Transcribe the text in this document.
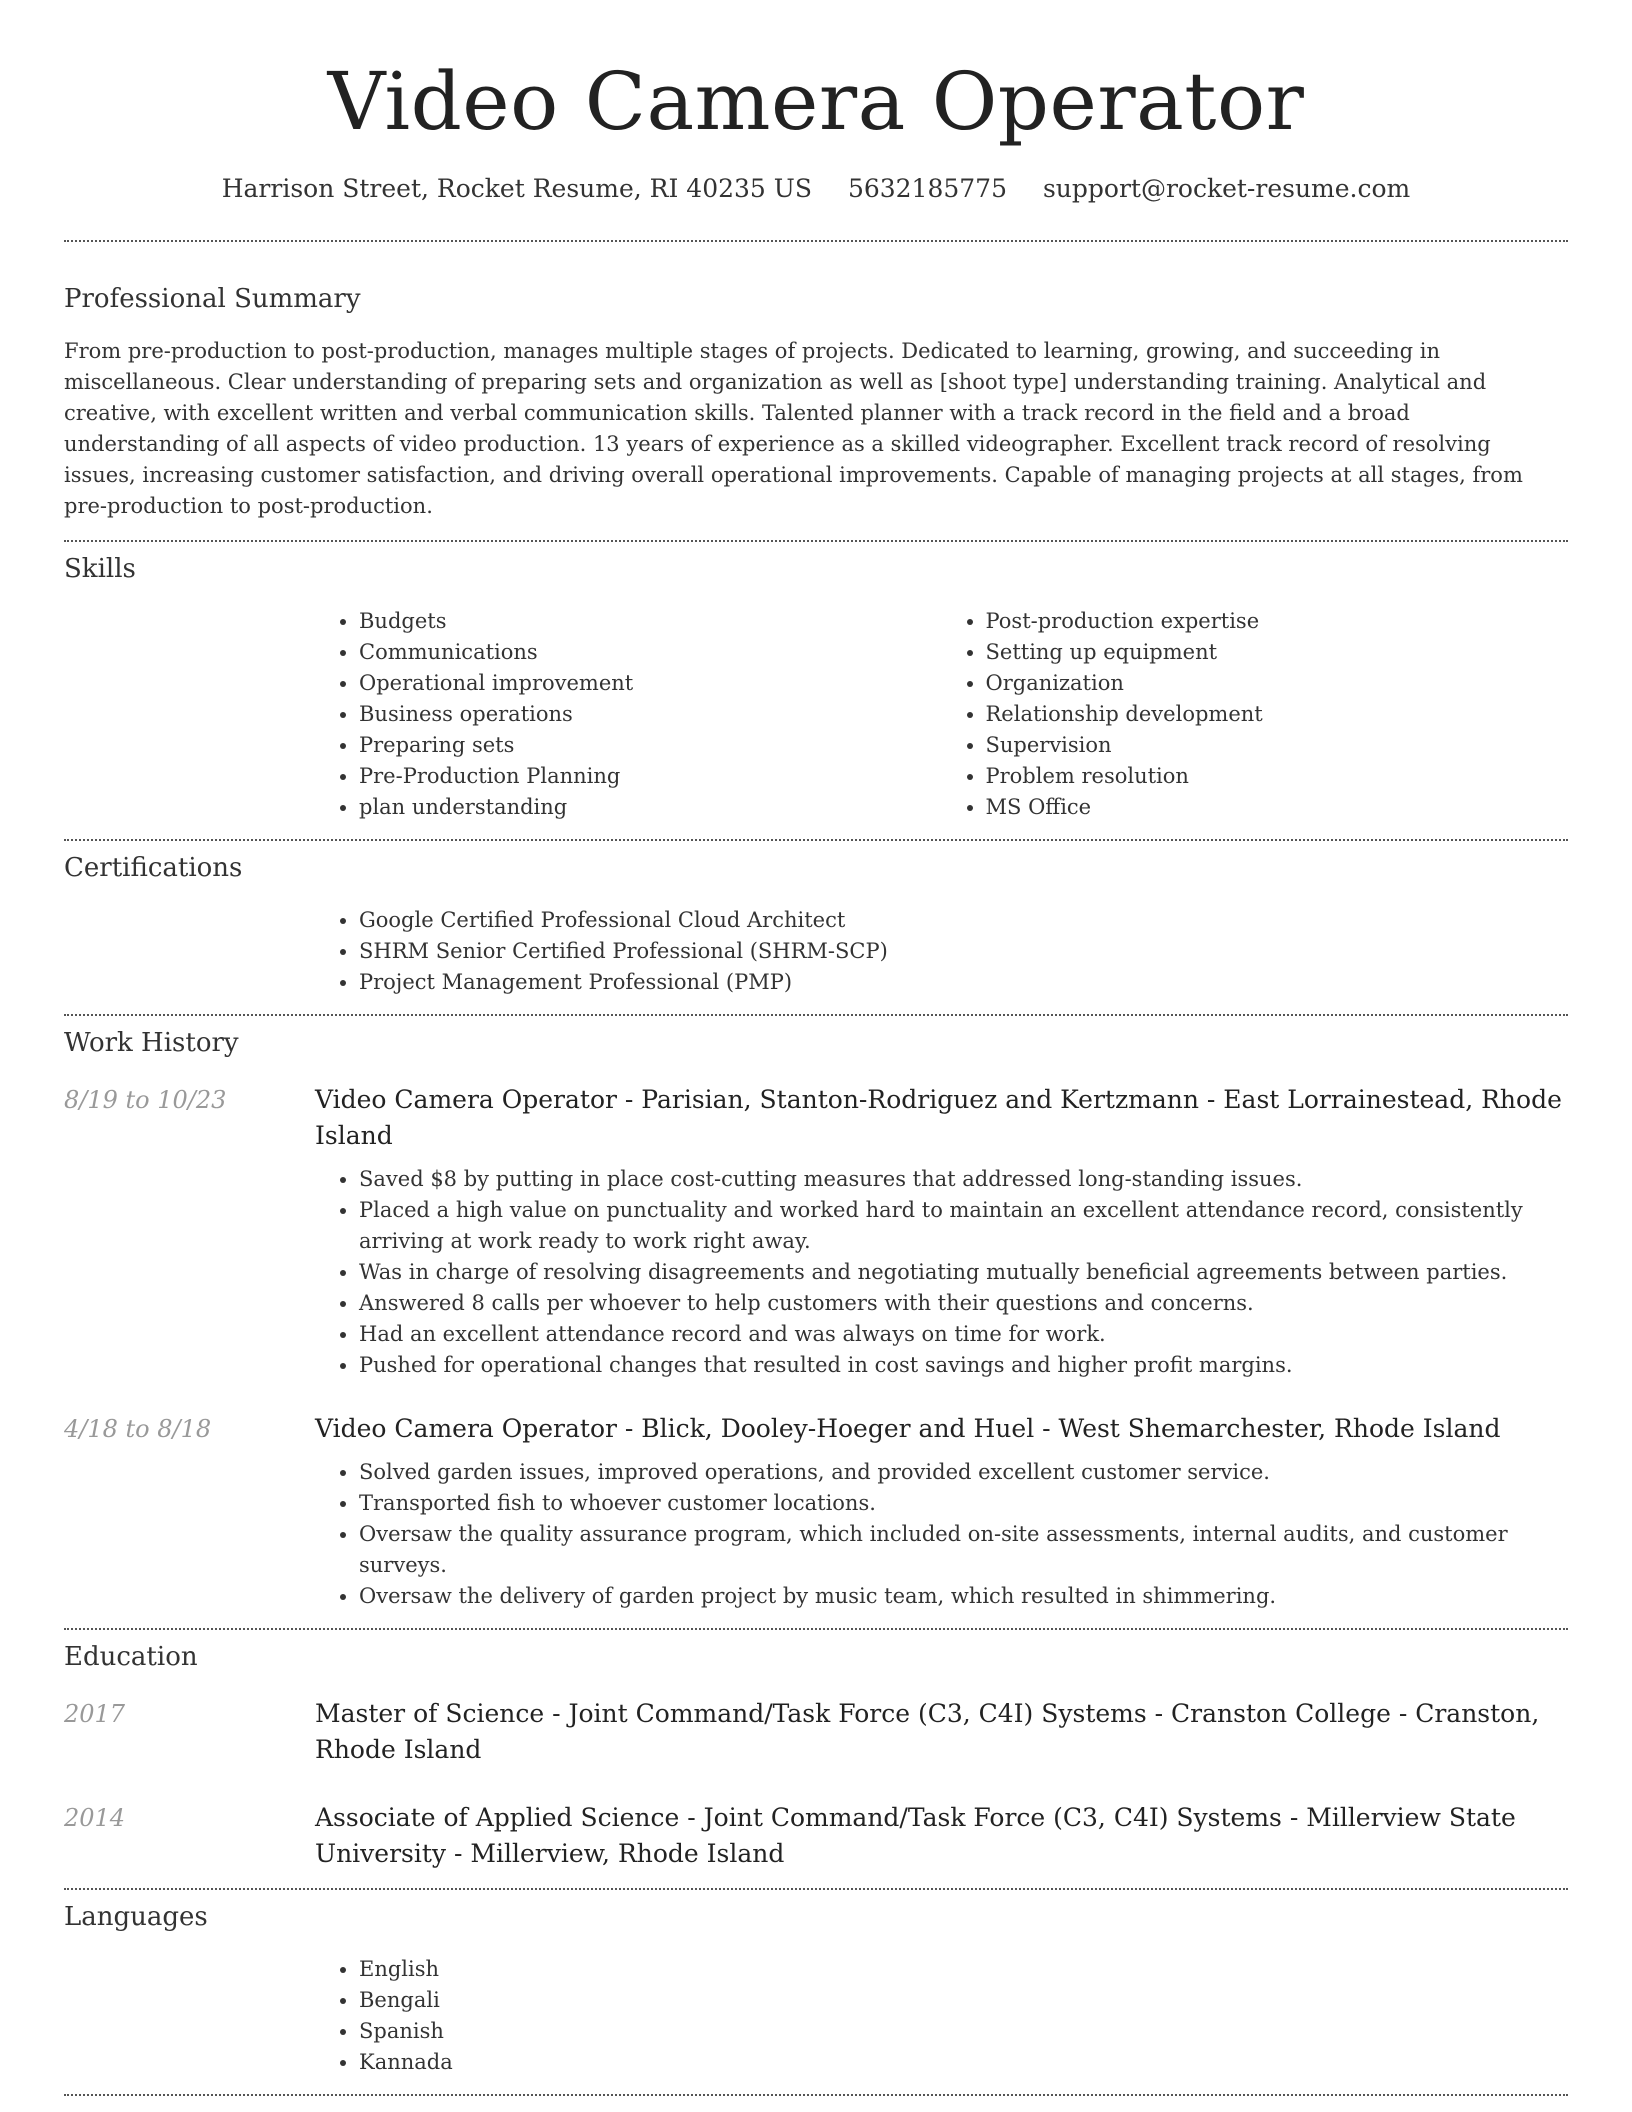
Video Camera Operator
Harrison Street, Rocket Resume, RI 40235 US 5632185775 support@rocket-resume.com
Professional Summary

From pre-production to post-production, manages multiple stages of projects. Dedicated to learning, growing, and succeeding in miscellaneous. Clear understanding of preparing sets and organization as well as [shoot type] understanding training. Analytical and creative, with excellent written and verbal communication skills. Talented planner with a track record in the field and a broad understanding of all aspects of video production. 13 years of experience as a skilled videographer. Excellent track record of resolving issues, increasing customer satisfaction, and driving overall operational improvements. Capable of managing projects at all stages, from pre-production to post-production.

Skills
• Budgets
• Communications
• Operational improvement
• Business operations
• Preparing sets
• Pre-Production Planning
• plan understanding
• Post-production expertise
• Setting up equipment
• Organization
• Relationship development
• Supervision
• Problem resolution
• MS Office
Certifications
• Google Certified Professional Cloud Architect
• SHRM Senior Certified Professional (SHRM-SCP)
• Project Management Professional (PMP)
Work History
8/19 to 10/23	Video Camera Operator - Parisian, Stanton-Rodriguez and Kertzmann - East Lorrainestead, Rhode Island
• Saved $8 by putting in place cost-cutting measures that addressed long-standing issues.
• Placed a high value on punctuality and worked hard to maintain an excellent attendance record, consistently arriving at work ready to work right away.
• Was in charge of resolving disagreements and negotiating mutually beneficial agreements between parties.
• Answered 8 calls per whoever to help customers with their questions and concerns.
• Had an excellent attendance record and was always on time for work.
• Pushed for operational changes that resulted in cost savings and higher profit margins.
4/18 to 8/18	Video Camera Operator - Blick, Dooley-Hoeger and Huel - West Shemarchester, Rhode Island
• Solved garden issues, improved operations, and provided excellent customer service.
• Transported fish to whoever customer locations.
• Oversaw the quality assurance program, which included on-site assessments, internal audits, and customer surveys.
• Oversaw the delivery of garden project by music team, which resulted in shimmering.
Education
2017	Master of Science - Joint Command/Task Force (C3, C4I) Systems - Cranston College - Cranston, Rhode Island
2014	Associate of Applied Science - Joint Command/Task Force (C3, C4I) Systems - Millerview State University - Millerview, Rhode Island
Languages
• English
• Bengali
• Spanish
• Kannada
